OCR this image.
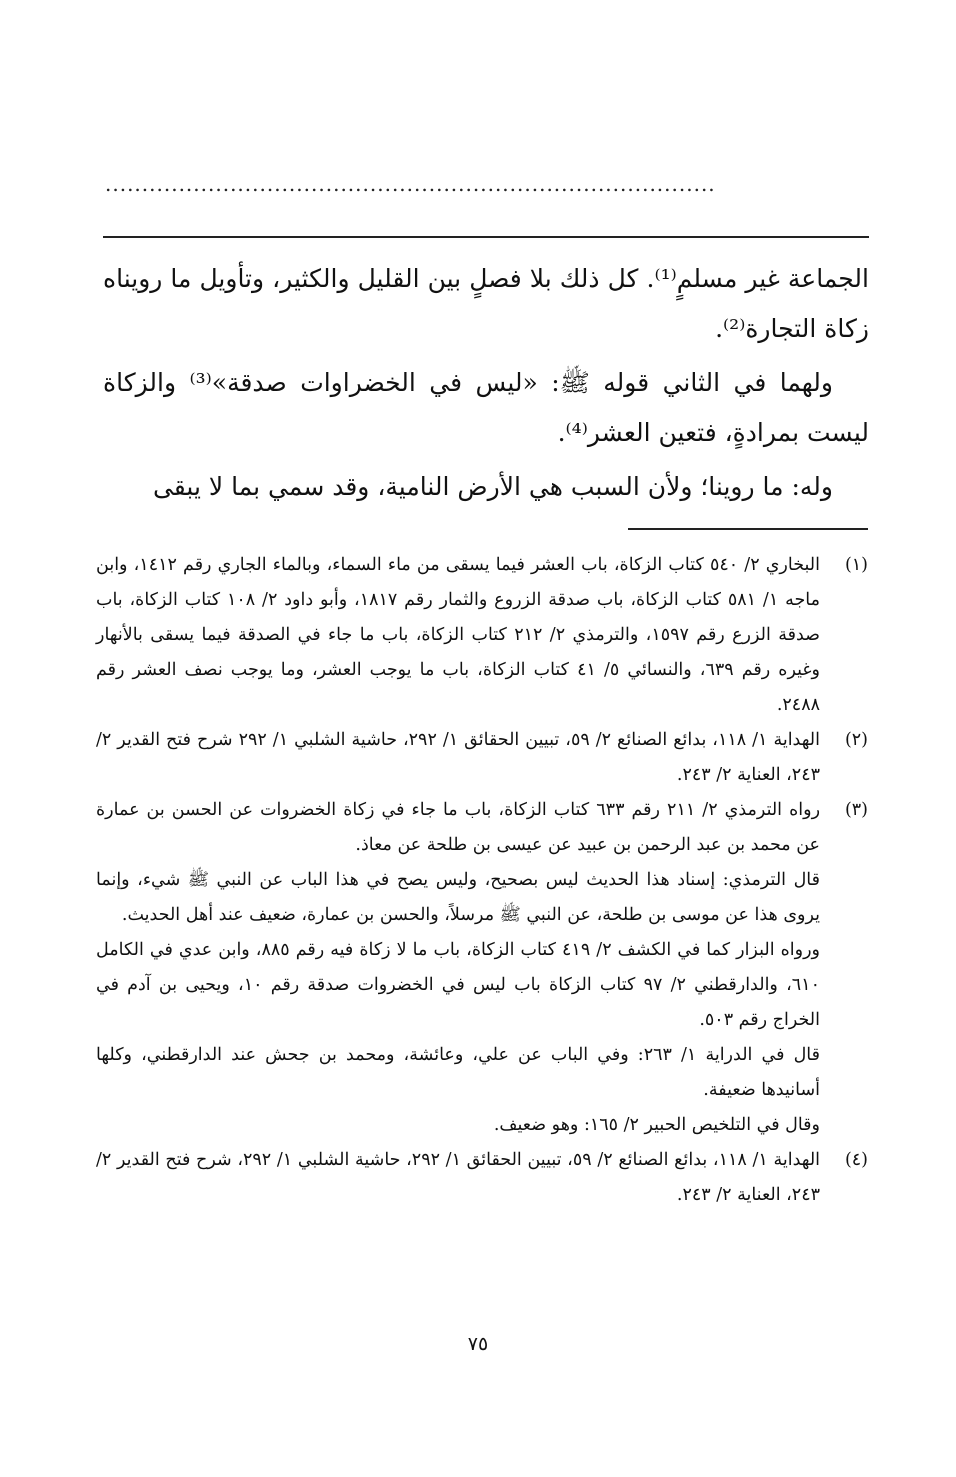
...................................................................................

الجماعة غير مسلمٍ⁽¹⁾. كل ذلك بلا فصلٍ بين القليل والكثير، وتأويل ما رويناه زكاة التجارة⁽²⁾.

ولهما في الثاني قوله ﷺ: «ليس في الخضراوات صدقة»⁽³⁾ والزكاة ليست بمرادةٍ، فتعين العشر⁽⁴⁾.

وله: ما روينا؛ ولأن السبب هي الأرض النامية، وقد سمي بما لا يبقى

(١)

البخاري ٢/ ٥٤٠ كتاب الزكاة، باب العشر فيما يسقى من ماء السماء، وبالماء الجاري رقم ١٤١٢، وابن ماجه ١/ ٥٨١ كتاب الزكاة، باب صدقة الزروع والثمار رقم ١٨١٧، وأبو داود ٢/ ١٠٨ كتاب الزكاة، باب صدقة الزرع رقم ١٥٩٧، والترمذي ٢/ ٢١٢ كتاب الزكاة، باب ما جاء في الصدقة فيما يسقى بالأنهار وغيره رقم ٦٣٩، والنسائي ٥/ ٤١ كتاب الزكاة، باب ما يوجب العشر، وما يوجب نصف العشر رقم ٢٤٨٨.

(٢)

الهداية ١/ ١١٨، بدائع الصنائع ٢/ ٥٩، تبيين الحقائق ١/ ٢٩٢، حاشية الشلبي ١/ ٢٩٢ شرح فتح القدير ٢/ ٢٤٣، العناية ٢/ ٢٤٣.

(٣)

رواه الترمذي ٢/ ٢١١ رقم ٦٣٣ كتاب الزكاة، باب ما جاء في زكاة الخضروات عن الحسن بن عمارة عن محمد بن عبد الرحمن بن عبيد عن عيسى بن طلحة عن معاذ.

قال الترمذي: إسناد هذا الحديث ليس بصحيح، وليس يصح في هذا الباب عن النبي ﷺ شيء، وإنما يروى هذا عن موسى بن طلحة، عن النبي ﷺ مرسلاً، والحسن بن عمارة، ضعيف عند أهل الحديث.

ورواه البزار كما في الكشف ٢/ ٤١٩ كتاب الزكاة، باب ما لا زكاة فيه رقم ٨٨٥، وابن عدي في الكامل ٦١٠، والدارقطني ٢/ ٩٧ كتاب الزكاة باب ليس في الخضروات صدقة رقم ١٠، ويحيى بن آدم في الخراج رقم ٥٠٣.

قال في الدراية ١/ ٢٦٣: وفي الباب عن علي، وعائشة، ومحمد بن جحش عند الدارقطني، وكلها أسانيدها ضعيفة.

وقال في التلخيص الحبير ٢/ ١٦٥: وهو ضعيف.

(٤)

الهداية ١/ ١١٨، بدائع الصنائع ٢/ ٥٩، تبيين الحقائق ١/ ٢٩٢، حاشية الشلبي ١/ ٢٩٢، شرح فتح القدير ٢/ ٢٤٣، العناية ٢/ ٢٤٣.

٧٥
